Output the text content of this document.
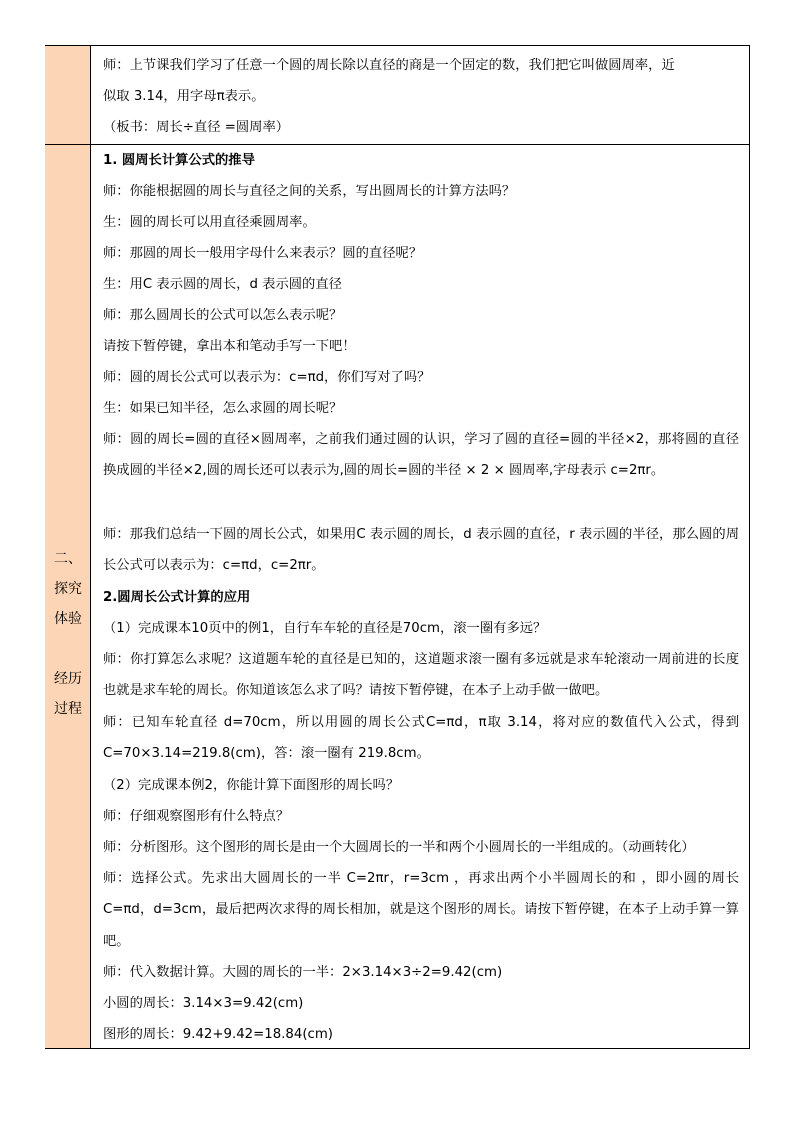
二、
探究
体验
经历
过程
师：上节课我们学习了任意一个圆的周长除以直径的商是一个固定的数，我们把它叫做圆周率，近
似取 3.14，用字母π表示。
（板书：周长÷直径 =圆周率）
1. 圆周长计算公式的推导
师：你能根据圆的周长与直径之间的关系，写出圆周长的计算方法吗？
生：圆的周长可以用直径乘圆周率。
师：那圆的周长一般用字母什么来表示？圆的直径呢？
生：用C 表示圆的周长，d 表示圆的直径
师：那么圆周长的公式可以怎么表示呢？
请按下暂停键，拿出本和笔动手写一下吧！
师：圆的周长公式可以表示为：c=πd，你们写对了吗？
生：如果已知半径，怎么求圆的周长呢？
师：圆的周长=圆的直径×圆周率，之前我们通过圆的认识，学习了圆的直径=圆的半径×2，那将圆的直径换成圆的半径×2,圆的周长还可以表示为,圆的周长=圆的半径 × 2 × 圆周率,字母表示 c=2πr。
师：那我们总结一下圆的周长公式，如果用C 表示圆的周长，d 表示圆的直径，r 表示圆的半径，那么圆的周长公式可以表示为：c=πd，c=2πr。
2.圆周长公式计算的应用
（1）完成课本10页中的例1，自行车车轮的直径是70cm，滚一圈有多远？
师：你打算怎么求呢？这道题车轮的直径是已知的，这道题求滚一圈有多远就是求车轮滚动一周前进的长度也就是求车轮的周长。你知道该怎么求了吗？请按下暂停键，在本子上动手做一做吧。
师：已知车轮直径 d=70cm，所以用圆的周长公式C=πd，π取 3.14，将对应的数值代入公式，得到 C=70×3.14=219.8(cm)，答：滚一圈有 219.8cm。
（2）完成课本例2，你能计算下面图形的周长吗？
师：仔细观察图形有什么特点？
师：分析图形。这个图形的周长是由一个大圆周长的一半和两个小圆周长的一半组成的。（动画转化）
师：选择公式。先求出大圆周长的一半 C=2πr，r=3cm ，再求出两个小半圆周长的和 ，即小圆的周长C=πd，d=3cm，最后把两次求得的周长相加，就是这个图形的周长。请按下暂停键，在本子上动手算一算吧。
师：代入数据计算。大圆的周长的一半：2×3.14×3÷2=9.42(cm)
小圆的周长：3.14×3=9.42(cm)
图形的周长：9.42+9.42=18.84(cm)
